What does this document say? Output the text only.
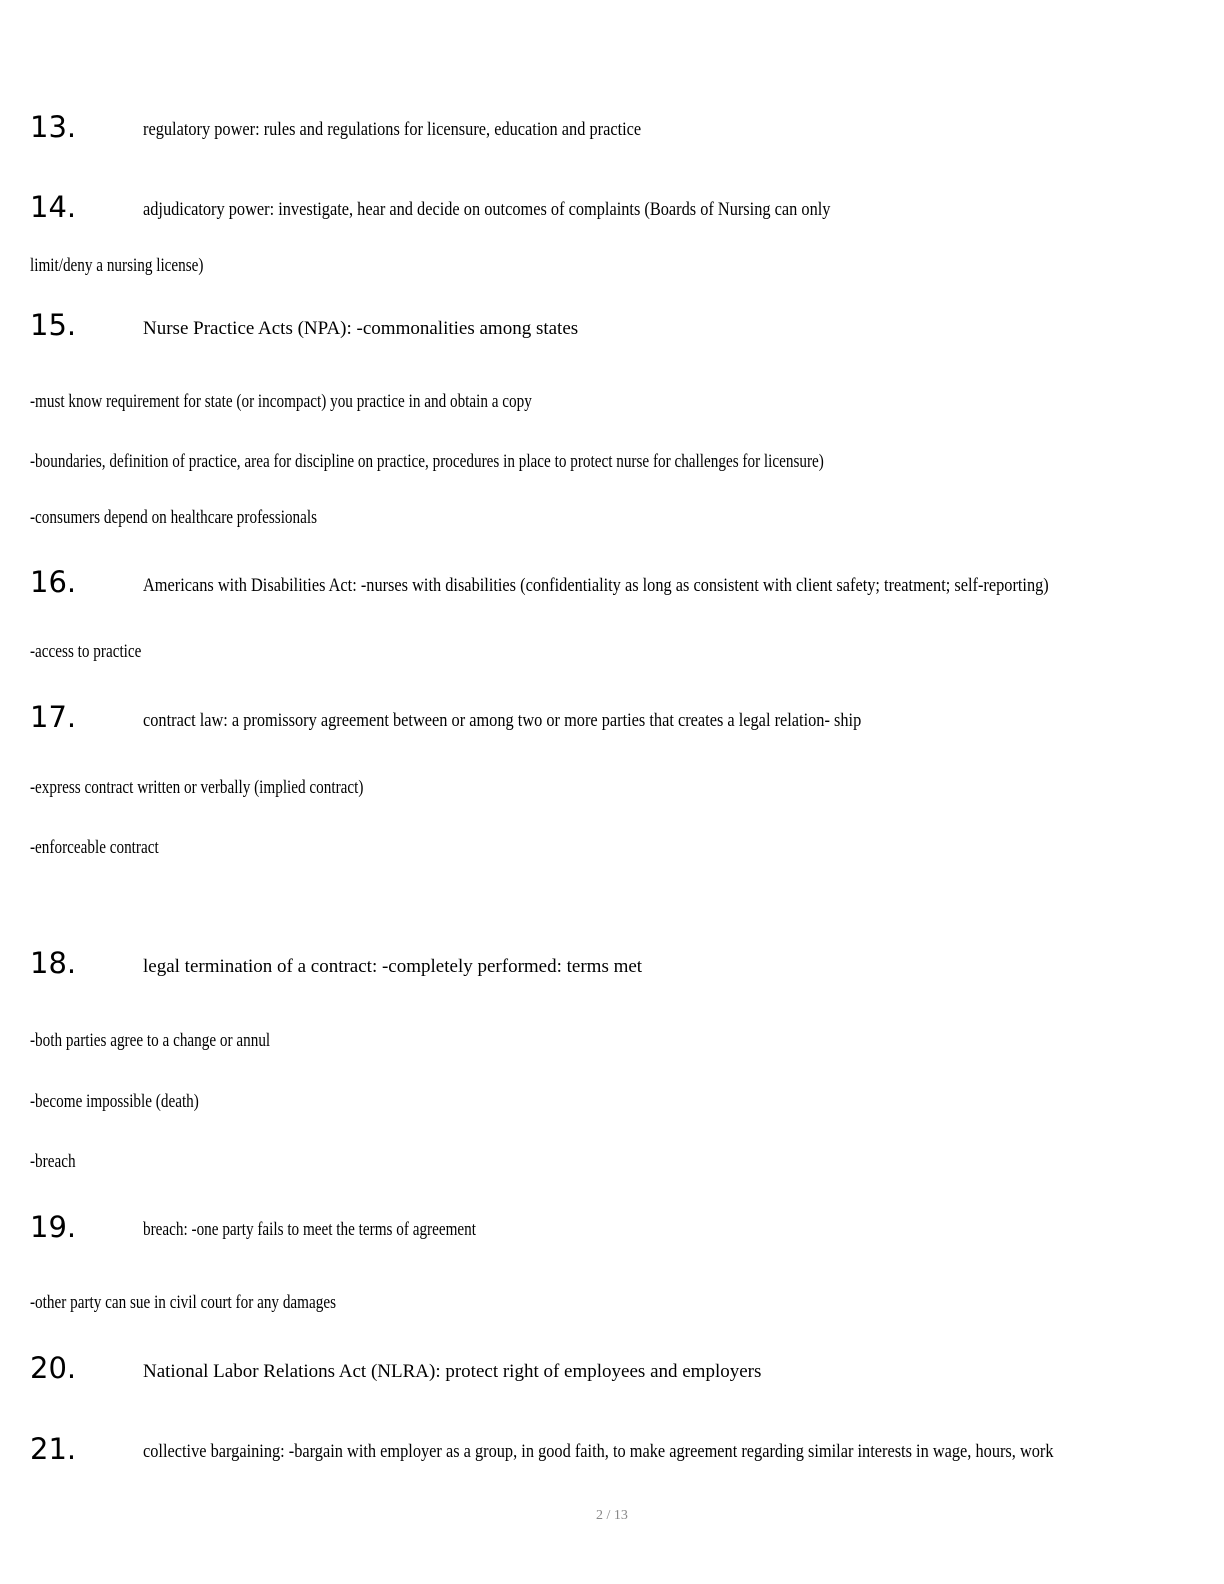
13.	regulatory power: rules and regulations for licensure, education and practice
14.	adjudicatory power: investigate, hear and decide on outcomes of complaints (Boards of Nursing can only
limit/deny a nursing license)
15.	Nurse Practice Acts (NPA): -commonalities among states
-must know requirement for state (or incompact) you practice in and obtain a copy
-boundaries, definition of practice, area for discipline on practice, procedures in place to protect nurse for challenges for licensure)
-consumers depend on healthcare professionals
16.	Americans with Disabilities Act: -nurses with disabilities (confidentiality as long as consistent with client safety; treatment; self-reporting)
-access to practice
17.	contract law: a promissory agreement between or among two or more parties that creates a legal relation- ship
-express contract written or verbally (implied contract)
-enforceable contract
18.	legal termination of a contract: -completely performed: terms met
-both parties agree to a change or annul
-become impossible (death)
-breach
19.	breach: -one party fails to meet the terms of agreement
-other party can sue in civil court for any damages
20.	National Labor Relations Act (NLRA): protect right of employees and employers
21.	collective bargaining: -bargain with employer as a group, in good faith, to make agreement regarding similar interests in wage, hours, work
2 / 13
